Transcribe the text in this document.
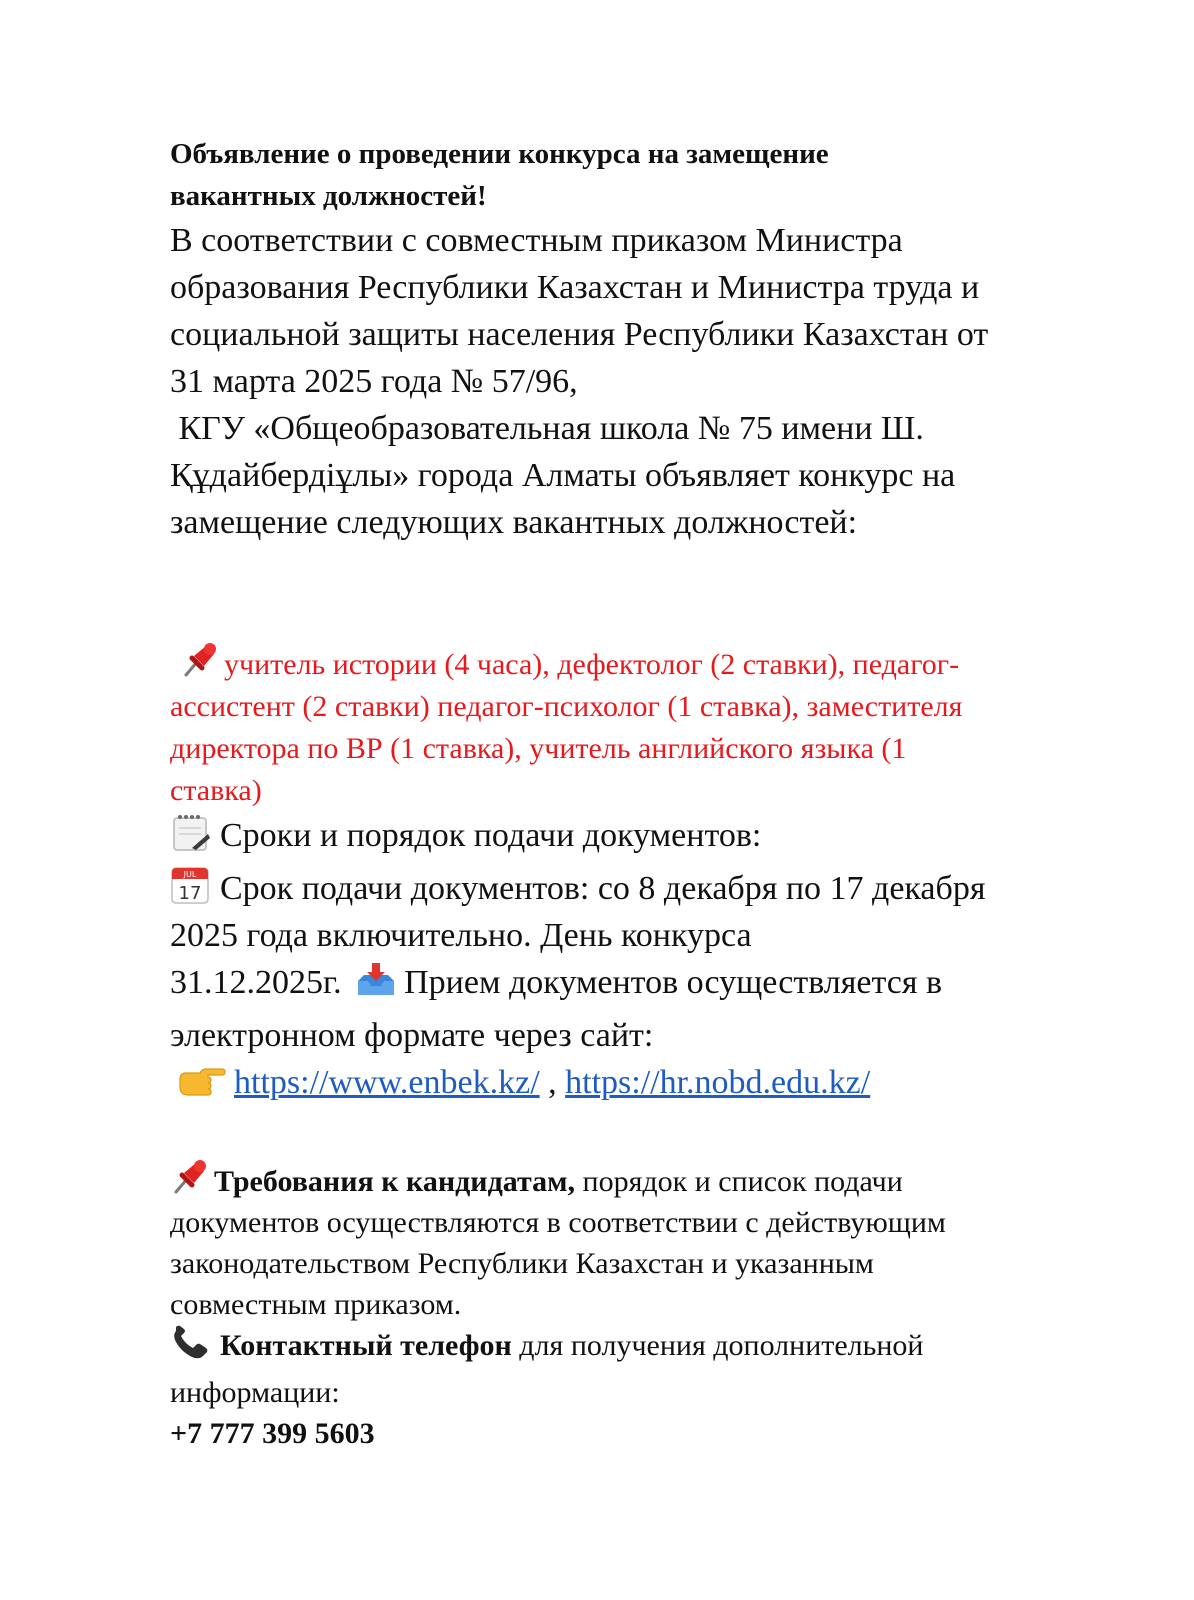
Объявление о проведении конкурса на замещение
вакантных должностей!

В соответствии с совместным приказом Министра
образования Республики Казахстан и Министра труда и
социальной защиты населения Республики Казахстан от
31 марта 2025 года № 57/96,
КГУ «Общеобразовательная школа № 75 имени Ш.
Құдайбердіұлы» города Алматы объявляет конкурс на
замещение следующих вакантных должностей:

учитель истории (4 часа), дефектолог (2 ставки), педагог-
ассистент (2 ставки) педагог-психолог (1 ставка), заместителя
директора по ВР (1 ставка), учитель английского языка (1
ставка)

Сроки и порядок подачи документов:

JUL
17 Срок подачи документов: со 8 декабря по 17 декабря
2025 года включительно. День конкурса
31.12.2025г. Прием документов осуществляется в
электронном формате через сайт:
https://www.enbek.kz/ , https://hr.nobd.edu.kz/

Требования к кандидатам, порядок и список подачи
документов осуществляются в соответствии с действующим
законодательством Республики Казахстан и указанным
совместным приказом.

Контактный телефон для получения дополнительной
информации:
+7 777 399 5603
